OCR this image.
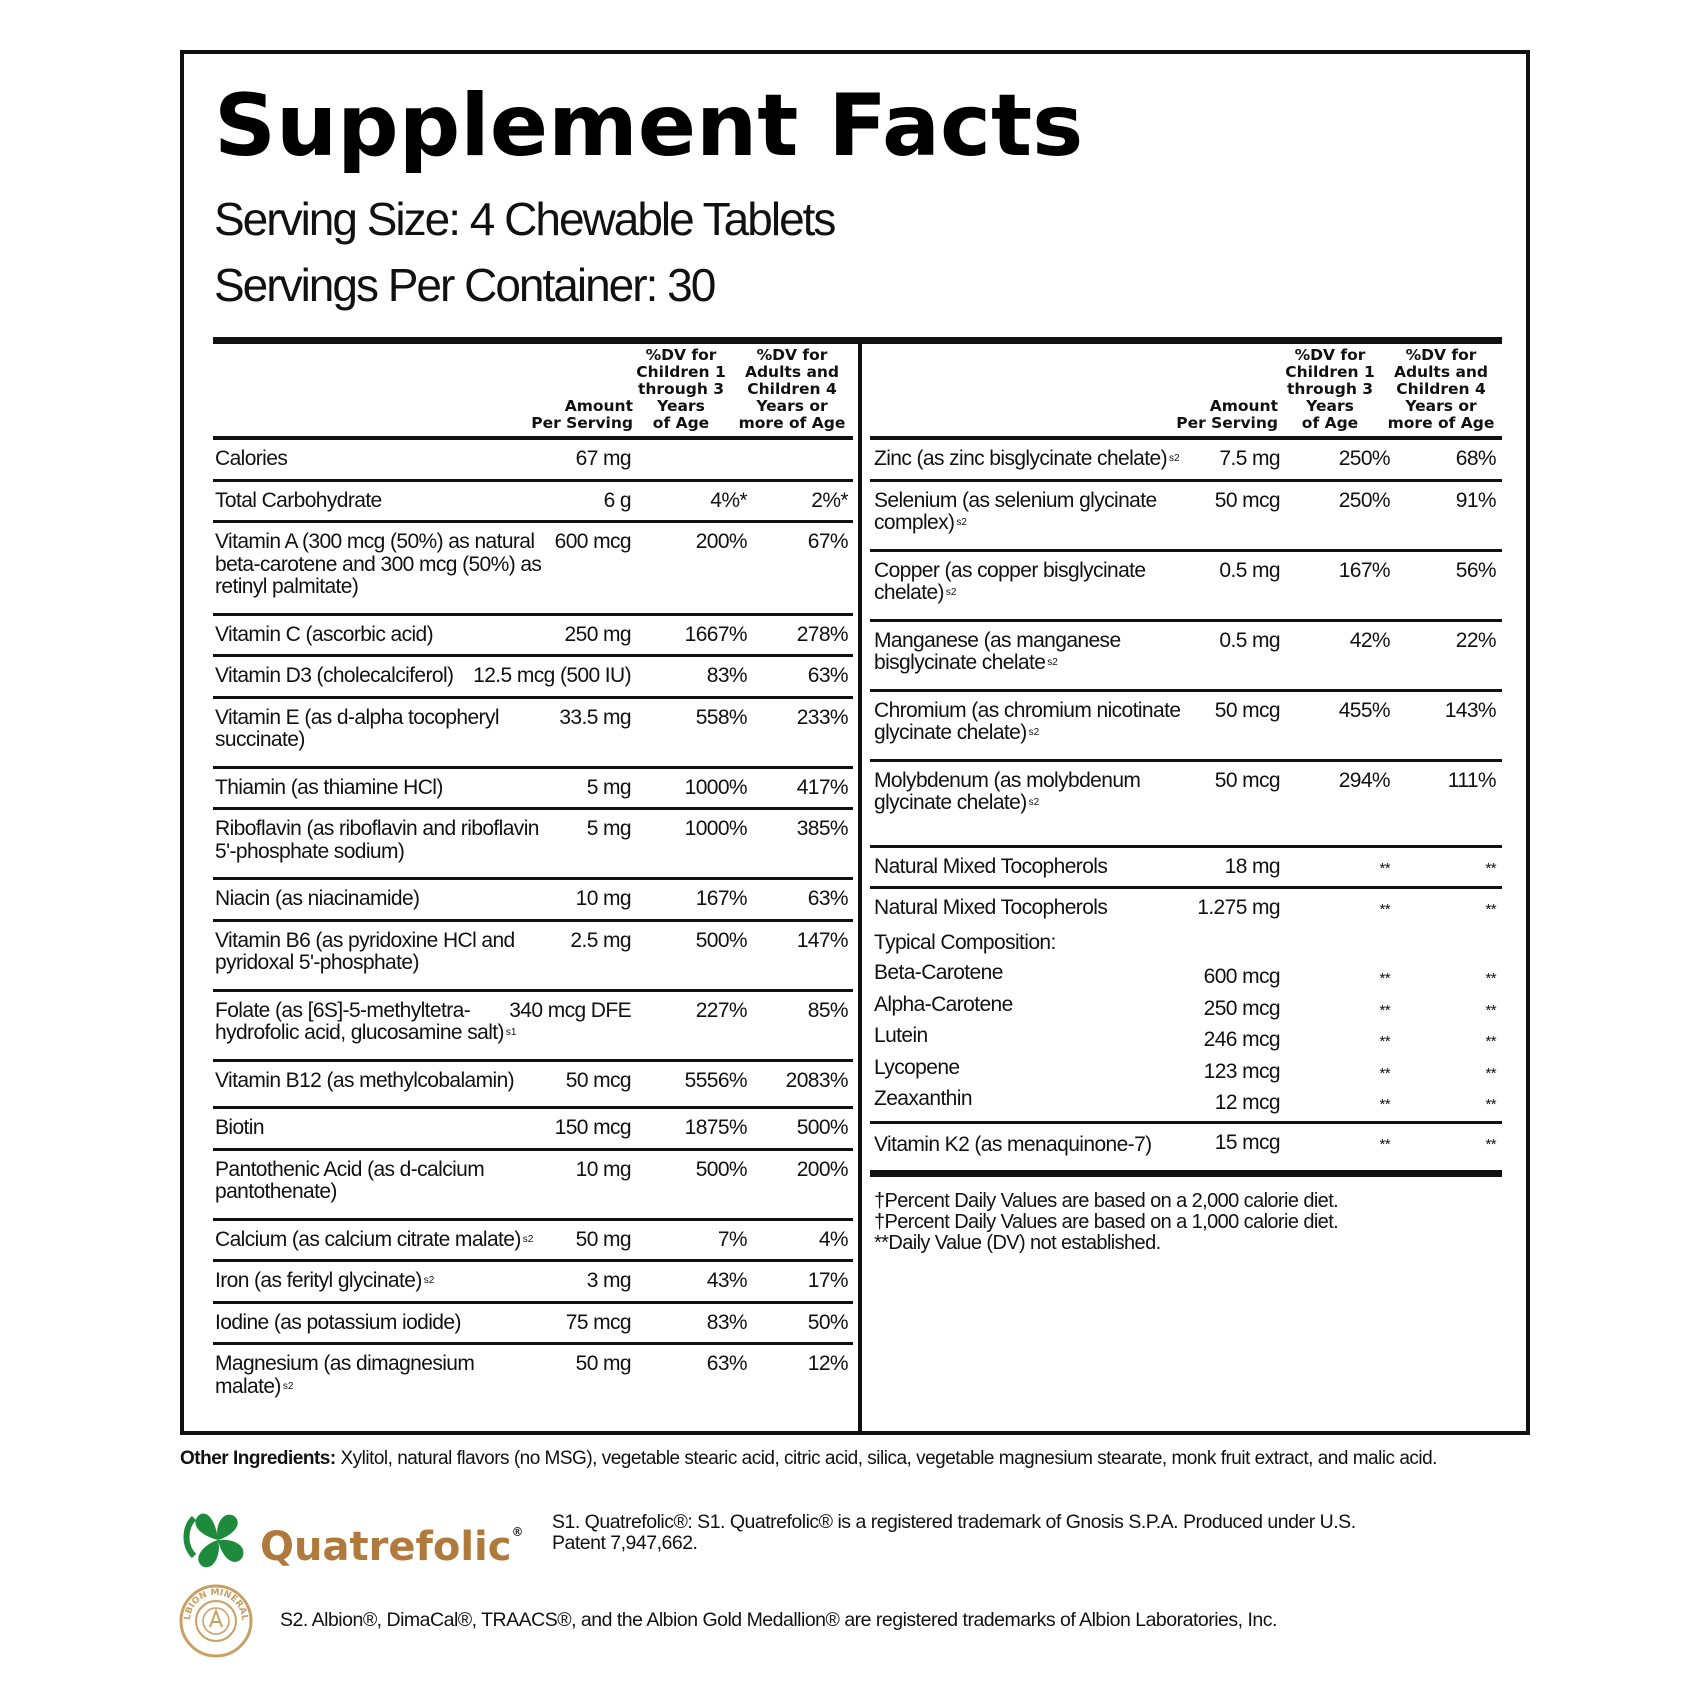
Supplement Facts
Serving Size: 4 Chewable Tablets
Servings Per Container: 30
Amount
Per Serving
%DV for
Children 1
through 3
Years
of Age
%DV for
Adults and
Children 4
Years or
more of Age
Calories	67 mg
Total Carbohydrate	6 g	4%*	2%*
Vitamin A (300 mcg (50%) as natural beta-carotene and 300 mcg (50%) as retinyl palmitate)
600 mcg	200%	67%
Vitamin C (ascorbic acid)	250 mg	1667% 278%
Vitamin D3 (cholecalciferol) 12.5 mcg (500 IU)	83%	63%
Vitamin E (as d-alpha tocopheryl succinate)
33.5 mg	558% 233%
Thiamin (as thiamine HCl)	5 mg	1000% 417%
Riboflavin (as riboflavin and riboflavin 5'-phosphate sodium)
5 mg	1000% 385%
Niacin (as niacinamide)	10 mg	167%	63%
Vitamin B6 (as pyridoxine HCl and pyridoxal 5'-phosphate)
2.5 mg	500% 147%
Folate (as [6S]-5-methyltetra-hydrofolic acid, glucosamine salt) $^{s1}$
340 mcg DFE	227%	85%
Vitamin B12 (as methylcobalamin)	50 mcg	5556% 2083%
Biotin	150 mcg	1875% 500%
Pantothenic Acid (as d-calcium pantothenate)
10 mg	500% 200%
Calcium (as calcium citrate malate) $^{s2}$	50 mg	7%	4%
Iron (as ferityl glycinate) $^{s2}$	3 mg	43%	17%
Iodine (as potassium iodide)	75 mcg	83%	50%
Magnesium (as dimagnesium malate) $^{s2}$
50 mg	63%	12%
Amount
Per Serving
%DV for
Children 1
through 3
Years
of Age
%DV for
Adults and
Children 4
Years or
more of Age
Zinc (as zinc bisglycinate chelate) $^{s2}$	7.5 mg	250%	68%
Selenium (as selenium glycinate complex) $^{s2}$
50 mcg	250%	91%
Copper (as copper bisglycinate chelate) $^{s2}$
0.5 mg	167%	56%
Manganese (as manganese bisglycinate chelate $^{s2}$
0.5 mg	42%	22%
Chromium (as chromium nicotinate glycinate chelate) $^{s2}$
50 mcg	455%	143%
Molybdenum (as molybdenum glycinate chelate) $^{s2}$
50 mcg	294%	111%
Natural Mixed Tocopherols	18 mg	**	**
Natural Mixed Tocopherols	1.275 mg	**	**
Typical Composition:
Beta-Carotene	600 mcg	**	**
Alpha-Carotene	250 mcg	**	**
Lutein	246 mcg	**	**
Lycopene	123 mcg	**	**
Zeaxanthin	12 mcg	**	**
Vitamin K2 (as menaquinone-7)	15 mcg	**	**
†Percent Daily Values are based on a 2,000 calorie diet.
†Percent Daily Values are based on a 1,000 calorie diet.
**Daily Value (DV) not established.
Other Ingredients: Xylitol, natural flavors (no MSG), vegetable stearic acid, citric acid, silica, vegetable magnesium stearate, monk fruit extract, and malic acid.
Quatrefolic® S1. Quatrefolic®: S1. Quatrefolic® is a registered trademark of Gnosis S.P.A. Produced under U.S. Patent 7,947,662.
LBION MINERAL S2. Albion®, DimaCal®, TRAACS®, and the Albion Gold Medallion® are registered trademarks of Albion Laboratories, Inc.
